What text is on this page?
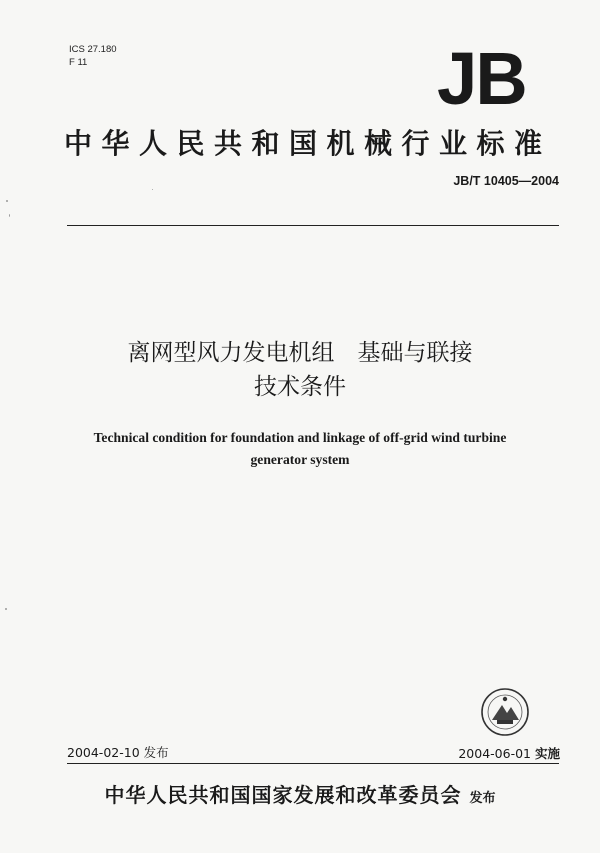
ICS 27.180
F 11	JB
中华人民共和国机械行业标准
JB/T 10405—2004
离网型风力发电机组　基础与联接
技术条件
Technical condition for foundation and linkage of off-grid wind turbine
generator system
2004-02-10 发布	2004-06-01 实施
中华人民共和国国家发展和改革委员会 发布
